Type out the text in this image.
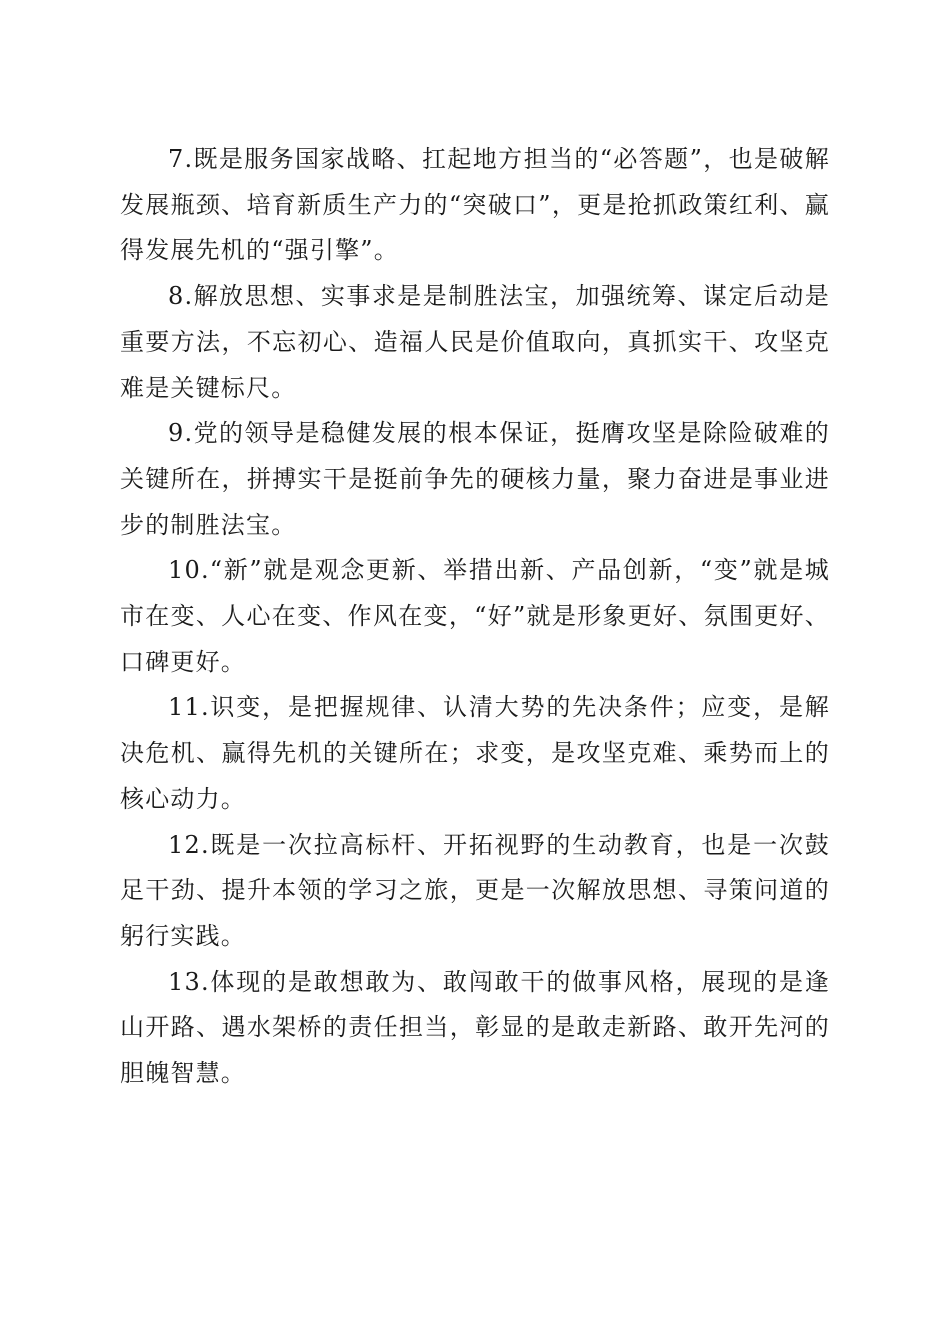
7.既是服务国家战略、扛起地方担当的“必答题”，也是破解发展瓶颈、培育新质生产力的“突破口”，更是抢抓政策红利、赢得发展先机的“强引擎”。

8.解放思想、实事求是是制胜法宝，加强统筹、谋定后动是重要方法，不忘初心、造福人民是价值取向，真抓实干、攻坚克难是关键标尺。

9.党的领导是稳健发展的根本保证，挺膺攻坚是除险破难的关键所在，拼搏实干是挺前争先的硬核力量，聚力奋进是事业进步的制胜法宝。

10.“新”就是观念更新、举措出新、产品创新，“变”就是城市在变、人心在变、作风在变，“好”就是形象更好、氛围更好、口碑更好。

11.识变，是把握规律、认清大势的先决条件；应变，是解决危机、赢得先机的关键所在；求变，是攻坚克难、乘势而上的核心动力。

12.既是一次拉高标杆、开拓视野的生动教育，也是一次鼓足干劲、提升本领的学习之旅，更是一次解放思想、寻策问道的躬行实践。

13.体现的是敢想敢为、敢闯敢干的做事风格，展现的是逢山开路、遇水架桥的责任担当，彰显的是敢走新路、敢开先河的胆魄智慧。
